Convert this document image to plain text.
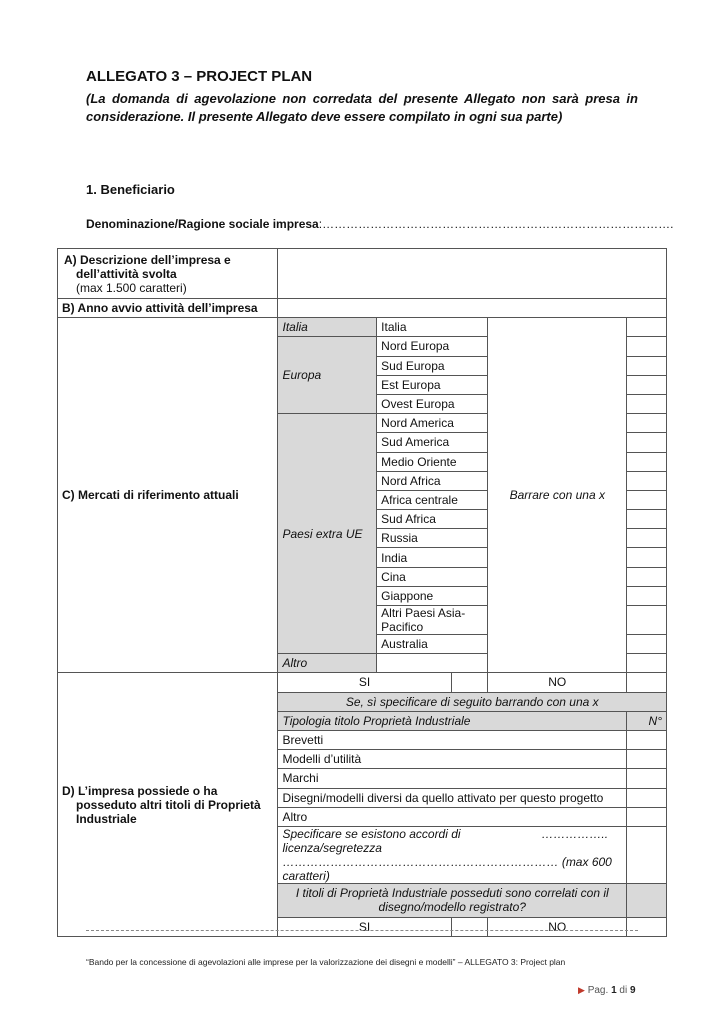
ALLEGATO 3 – PROJECT PLAN
(La domanda di agevolazione non corredata del presente Allegato non sarà presa in considerazione. Il presente Allegato deve essere compilato in ogni sua parte)
1. Beneficiario
Denominazione/Ragione sociale impresa:…………………………………………………………………………….
A) Descrizione dell’impresa e
dell’attività svolta
(max 1.500 caratteri)					

B) Anno avvio attività dell’impresa					
C) Mercati di riferimento attuali	Italia	Italia		Barrare con una x	
	Europa	Nord Europa			
		Sud Europa			
		Est Europa			
		Ovest Europa			
	Paesi extra UE	Nord America			
		Sud America			
		Medio Oriente			
		Nord Africa			
		Africa centrale			
		Sud Africa			
		Russia			
		India			
		Cina			
		Giappone			
		Altri Paesi Asia-Pacifico			
		Australia			
	Altro				

D) L’impresa possiede o ha
posseduto altri titoli di Proprietà
Industriale	SI			NO	
	Se, sì specificare di seguito barrando con una x				
	Tipologia titolo Proprietà Industriale				N°
	Brevetti				
	Modelli d’utilità				
	Marchi				
	Disegni/modelli diversi da quello attivato per questo progetto				
	Altro				

	Specificare se esistono accordi di licenza/segretezza
……………..
…………………………………………………………… (max 600 caratteri)				

	I titoli di Proprietà Industriale posseduti sono correlati con il
disegno/modello registrato?				

	SI			NO	
“Bando per la concessione di agevolazioni alle imprese per la valorizzazione dei disegni e modelli” – ALLEGATO 3: Project plan
▶ Pag. 1 di 9
